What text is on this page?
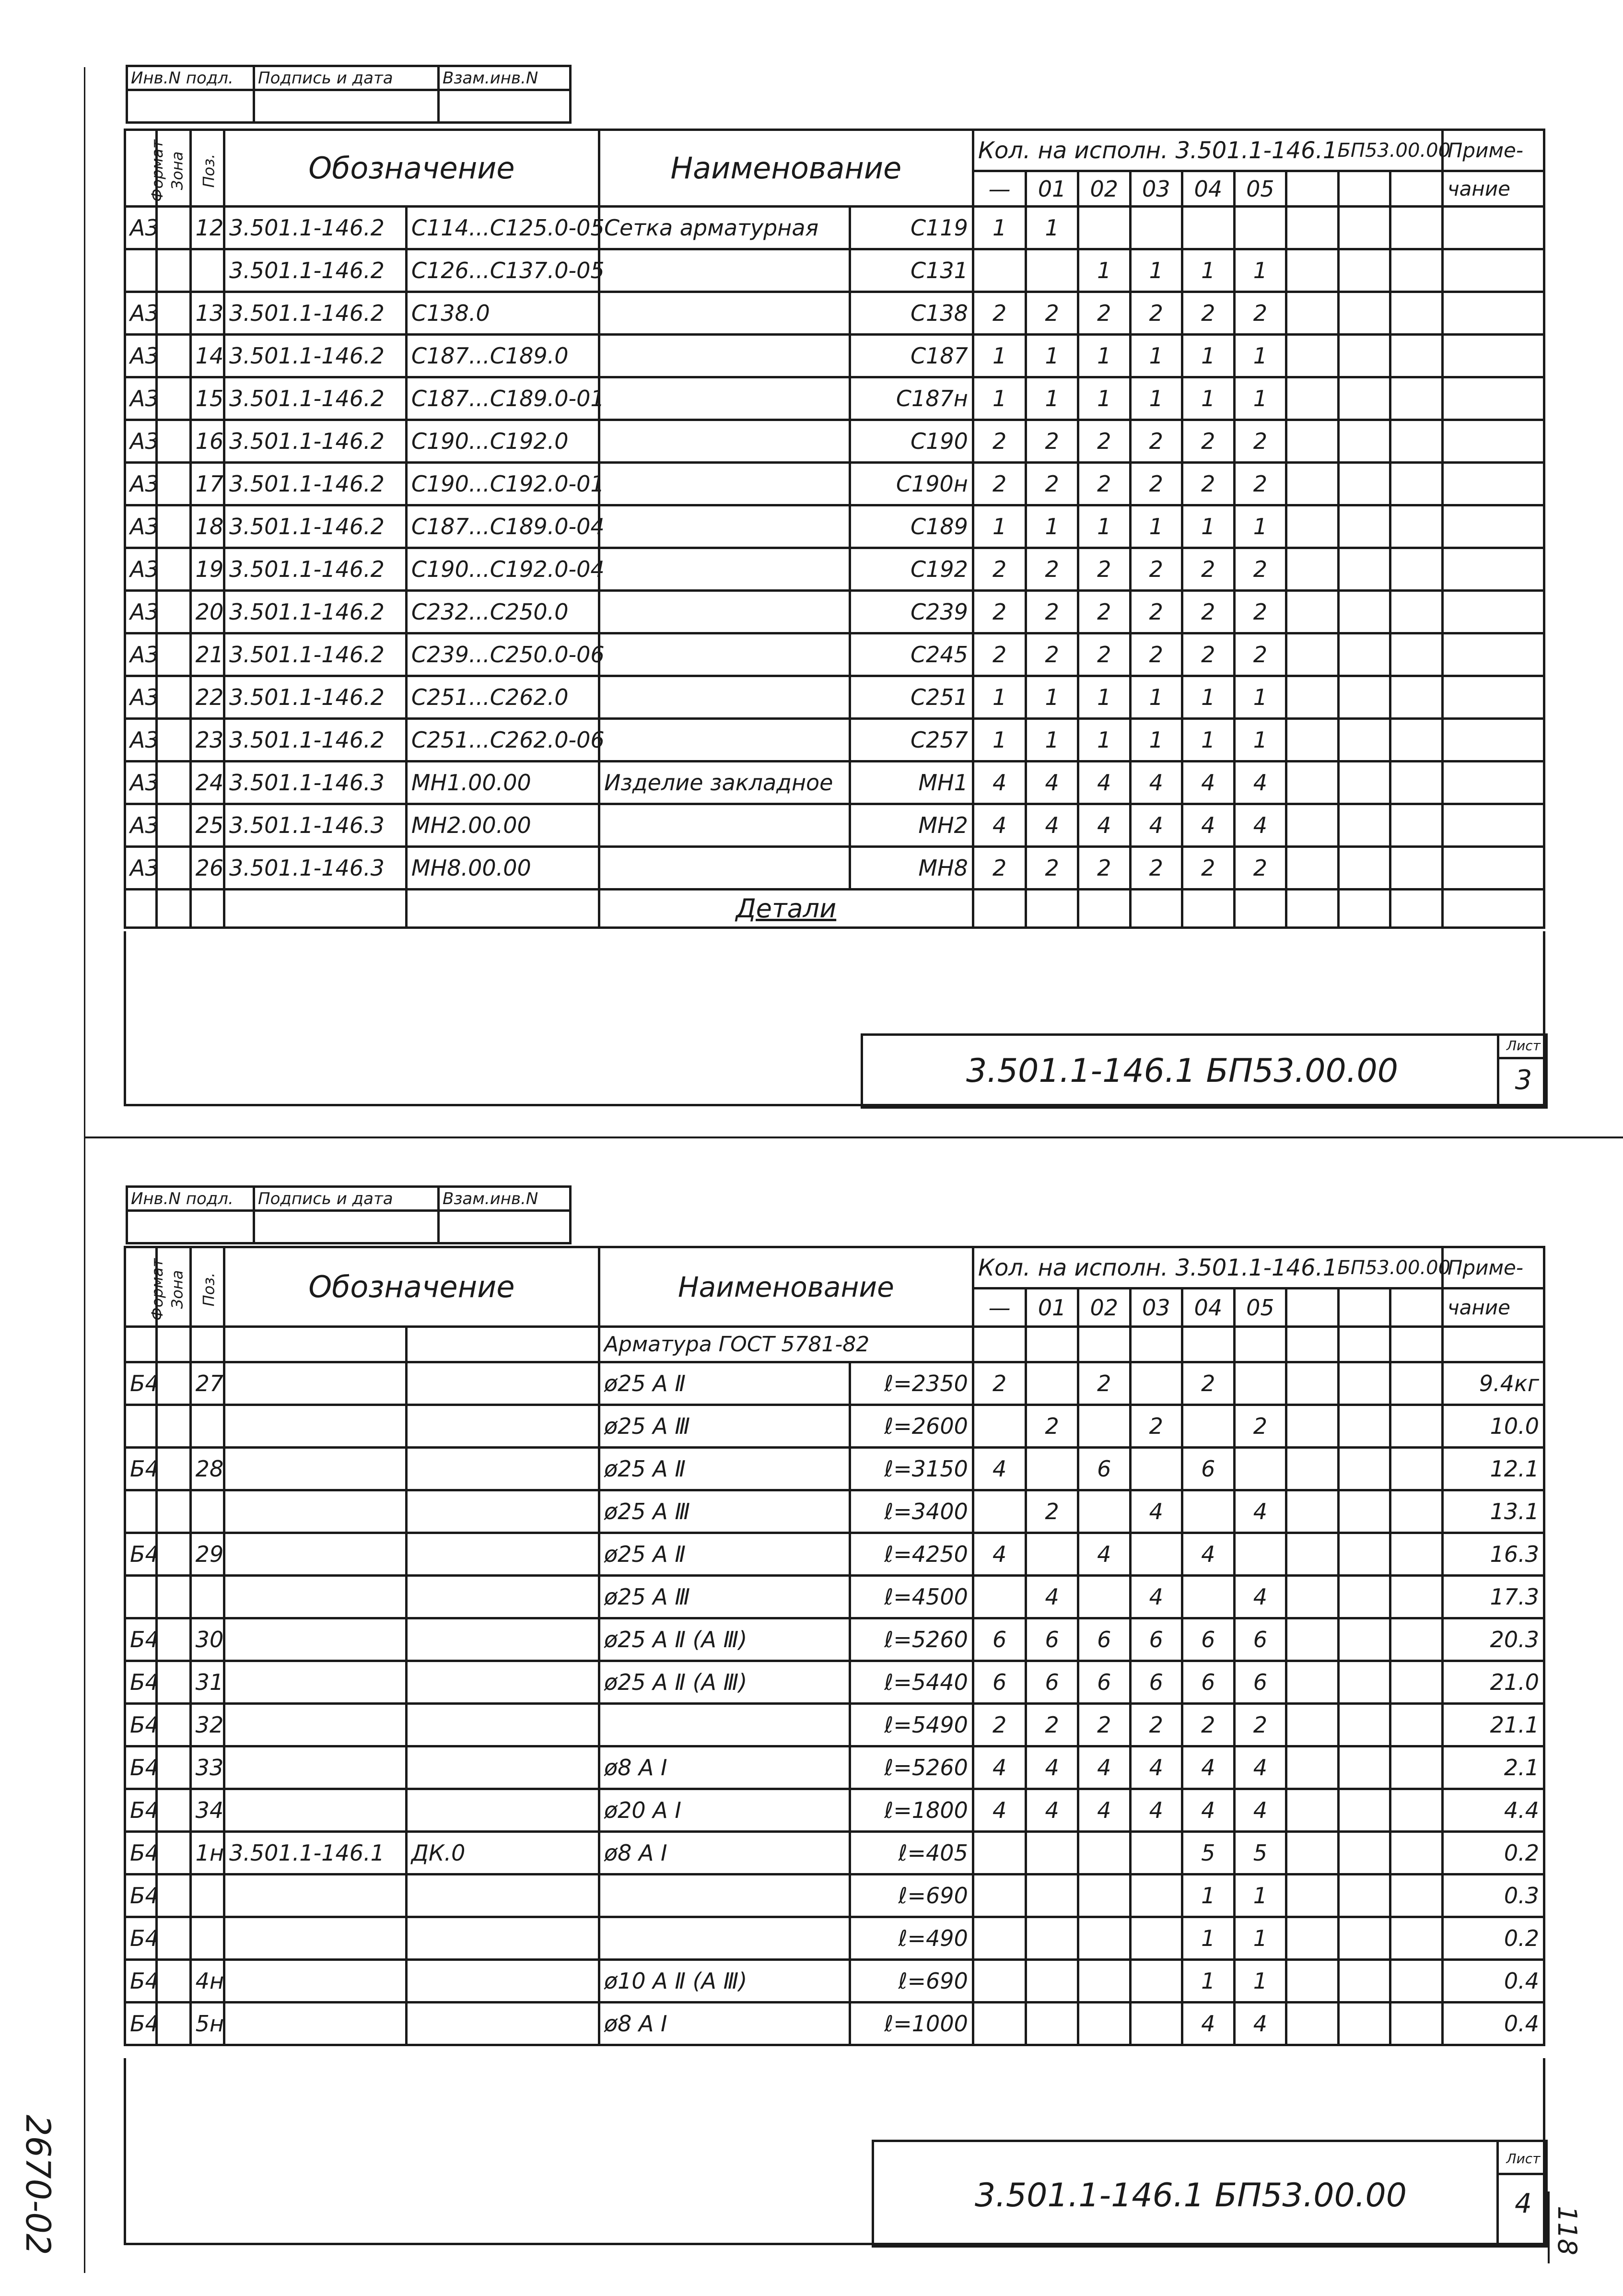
Инв.N подл.	Подпись и дата	Взам.инв.N

Формат	Зона	Поз.	Обозначение		Наименование		Кол. на исполн. 3.501.1-146.1 БП53.00.00									Приме-
							—	01	02	03	04	05				чание
А3		12	3.501.1-146.2	С114...С125.0-05	Сетка арматурная	С119	1	1								
			3.501.1-146.2	С126...С137.0-05		С131			1	1	1	1				
А3		13	3.501.1-146.2	С138.0		С138	2	2	2	2	2	2				
А3		14	3.501.1-146.2	С187...С189.0		С187	1	1	1	1	1	1				
А3		15	3.501.1-146.2	С187...С189.0-01		С187н	1	1	1	1	1	1				
А3		16	3.501.1-146.2	С190...С192.0		С190	2	2	2	2	2	2				
А3		17	3.501.1-146.2	С190...С192.0-01		С190н	2	2	2	2	2	2				
А3		18	3.501.1-146.2	С187...С189.0-04		С189	1	1	1	1	1	1				
А3		19	3.501.1-146.2	С190...С192.0-04		С192	2	2	2	2	2	2				
А3		20	3.501.1-146.2	С232...С250.0		С239	2	2	2	2	2	2				
А3		21	3.501.1-146.2	С239...С250.0-06		С245	2	2	2	2	2	2				
А3		22	3.501.1-146.2	С251...С262.0		С251	1	1	1	1	1	1				
А3		23	3.501.1-146.2	С251...С262.0-06		С257	1	1	1	1	1	1				
А3		24	3.501.1-146.3	МН1.00.00	Изделие закладное	МН1	4	4	4	4	4	4				
А3		25	3.501.1-146.3	МН2.00.00		МН2	4	4	4	4	4	4				
А3		26	3.501.1-146.3	МН8.00.00		МН8	2	2	2	2	2	2				
					Детали											
3.501.1-146.1 БП53.00.00
Лист
3
Инв.N подл.	Подпись и дата	Взам.инв.N

Формат	Зона	Поз.	Обозначение		Наименование		Кол. на исполн. 3.501.1-146.1 БП53.00.00									Приме-
							—	01	02	03	04	05				чание
					Арматура ГОСТ 5781-82											
Б4		27			ø25 А Ⅱ	ℓ=2350	2		2		2					9.4кг
					ø25 А Ⅲ	ℓ=2600		2		2		2				10.0
Б4		28			ø25 А Ⅱ	ℓ=3150	4		6		6					12.1
					ø25 А Ⅲ	ℓ=3400		2		4		4				13.1
Б4		29			ø25 А Ⅱ	ℓ=4250	4		4		4					16.3
					ø25 А Ⅲ	ℓ=4500		4		4		4				17.3
Б4		30			ø25 А Ⅱ (А Ⅲ)	ℓ=5260	6	6	6	6	6	6				20.3
Б4		31			ø25 А Ⅱ (А Ⅲ)	ℓ=5440	6	6	6	6	6	6				21.0
Б4		32				ℓ=5490	2	2	2	2	2	2				21.1
Б4		33			ø8 А Ⅰ	ℓ=5260	4	4	4	4	4	4				2.1
Б4		34			ø20 А Ⅰ	ℓ=1800	4	4	4	4	4	4				4.4
Б4		1н	3.501.1-146.1	ДК.0	ø8 А Ⅰ	ℓ=405					5	5				0.2
Б4						ℓ=690					1	1				0.3
Б4						ℓ=490					1	1				0.2
Б4		4н			ø10 А Ⅱ (А Ⅲ)	ℓ=690					1	1				0.4
Б4		5н			ø8 А Ⅰ	ℓ=1000					4	4				0.4
3.501.1-146.1 БП53.00.00
Лист
4
2670-02	118
